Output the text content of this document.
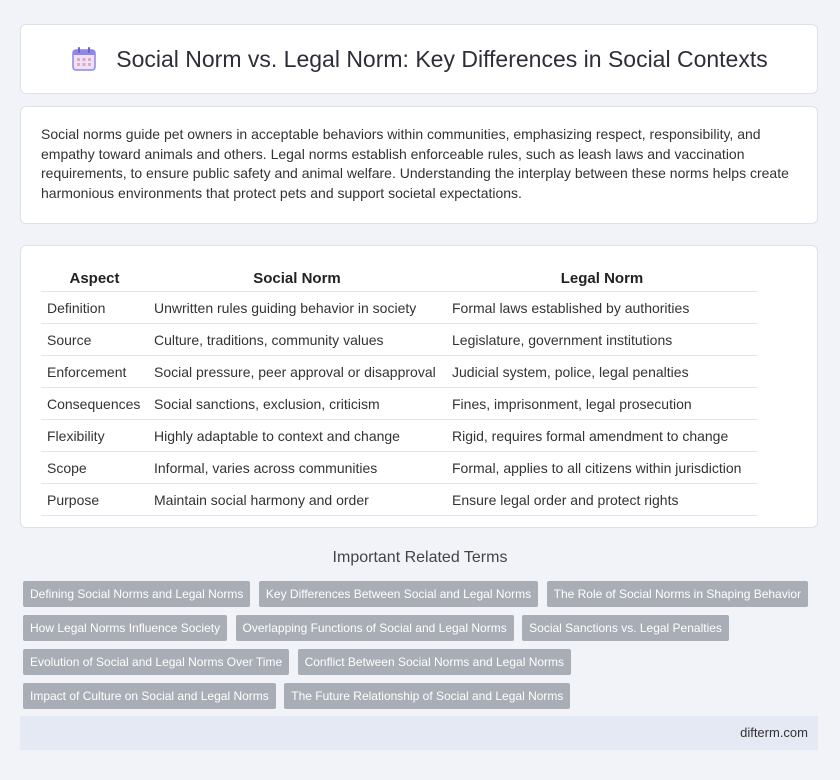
Social Norm vs. Legal Norm: Key Differences in Social Contexts

Social norms guide pet owners in acceptable behaviors within communities, emphasizing respect, responsibility, and empathy toward animals and others. Legal norms establish enforceable rules, such as leash laws and vaccination requirements, to ensure public safety and animal welfare. Understanding the interplay between these norms helps create harmonious environments that protect pets and support societal expectations.

Aspect	Social Norm	Legal Norm
Definition	Unwritten rules guiding behavior in society	Formal laws established by authorities
Source	Culture, traditions, community values	Legislature, government institutions
Enforcement	Social pressure, peer approval or disapproval	Judicial system, police, legal penalties
Consequences	Social sanctions, exclusion, criticism	Fines, imprisonment, legal prosecution
Flexibility	Highly adaptable to context and change	Rigid, requires formal amendment to change
Scope	Informal, varies across communities	Formal, applies to all citizens within jurisdiction
Purpose	Maintain social harmony and order	Ensure legal order and protect rights
Important Related Terms
Defining Social Norms and Legal Norms Key Differences Between Social and Legal Norms The Role of Social Norms in Shaping Behavior How Legal Norms Influence Society Overlapping Functions of Social and Legal Norms Social Sanctions vs. Legal Penalties Evolution of Social and Legal Norms Over Time Conflict Between Social Norms and Legal Norms Impact of Culture on Social and Legal Norms The Future Relationship of Social and Legal Norms
difterm.com
